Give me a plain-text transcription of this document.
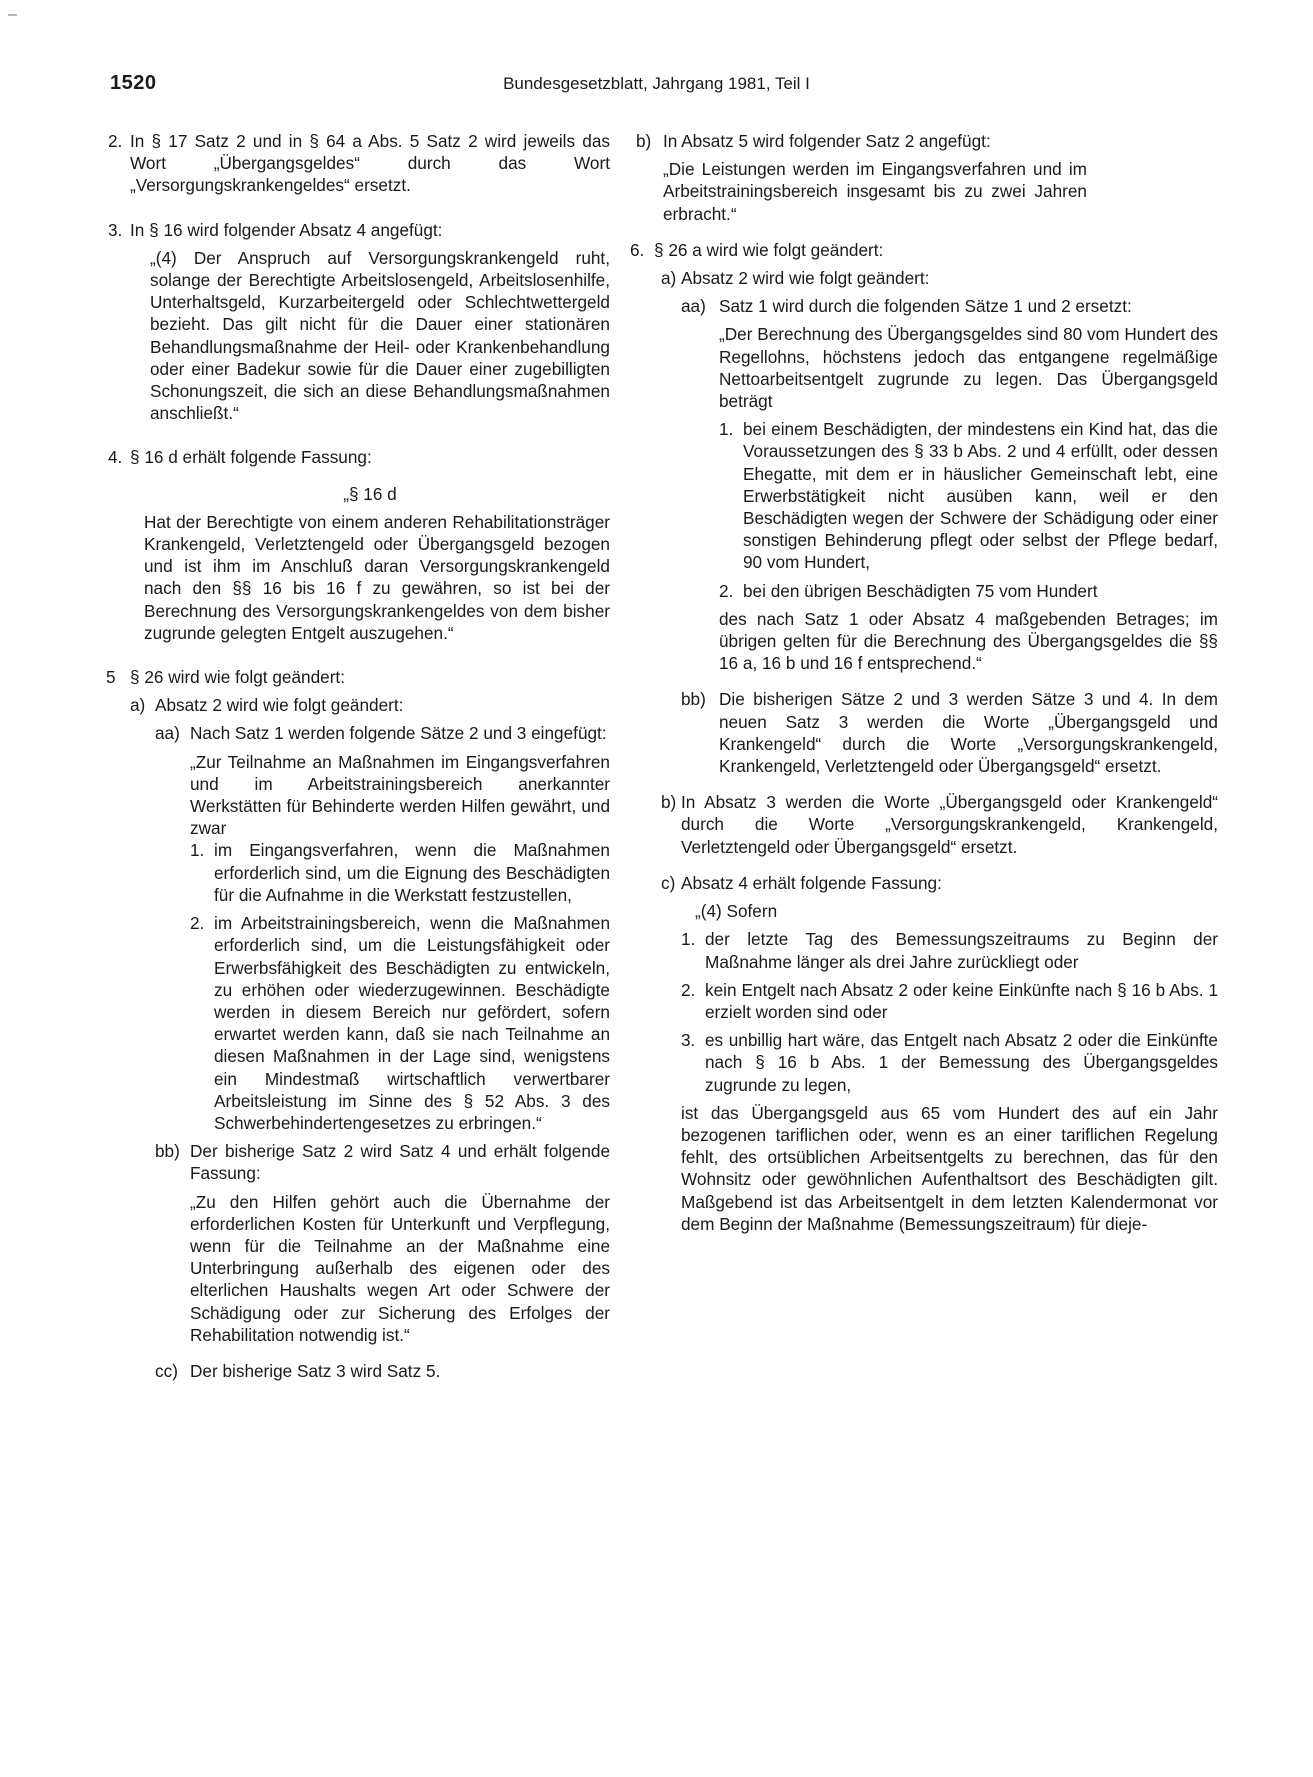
–
1520	Bundesgesetzblatt, Jahrgang 1981, Teil I
2. In § 17 Satz 2 und in § 64 a Abs. 5 Satz 2 wird jeweils das Wort „Übergangsgeldes“ durch das Wort „Versorgungskrankengeldes“ ersetzt.
3. In § 16 wird folgender Absatz 4 angefügt:
„(4) Der Anspruch auf Versorgungskrankengeld ruht, solange der Berechtigte Arbeitslosengeld, Arbeitslosenhilfe, Unterhaltsgeld, Kurzarbeitergeld oder Schlechtwettergeld bezieht. Das gilt nicht für die Dauer einer stationären Behandlungsmaßnahme der Heil- oder Krankenbehandlung oder einer Badekur sowie für die Dauer einer zugebilligten Schonungszeit, die sich an diese Behandlungsmaßnahmen anschließt.“
4. § 16 d erhält folgende Fassung:
„§ 16 d
Hat der Berechtigte von einem anderen Rehabilitationsträger Krankengeld, Verletztengeld oder Übergangsgeld bezogen und ist ihm im Anschluß daran Versorgungskrankengeld nach den §§ 16 bis 16 f zu gewähren, so ist bei der Berechnung des Versorgungskrankengeldes von dem bisher zugrunde gelegten Entgelt auszugehen.“
5 § 26 wird wie folgt geändert:
a) Absatz 2 wird wie folgt geändert:
aa) Nach Satz 1 werden folgende Sätze 2 und 3 eingefügt:
„Zur Teilnahme an Maßnahmen im Eingangsverfahren und im Arbeitstrainingsbereich anerkannter Werkstätten für Behinderte werden Hilfen gewährt, und zwar
1. im Eingangsverfahren, wenn die Maßnahmen erforderlich sind, um die Eignung des Beschädigten für die Aufnahme in die Werkstatt festzustellen,
2. im Arbeitstrainingsbereich, wenn die Maßnahmen erforderlich sind, um die Leistungsfähigkeit oder Erwerbsfähigkeit des Beschädigten zu entwickeln, zu erhöhen oder wiederzugewinnen. Beschädigte werden in diesem Bereich nur gefördert, sofern erwartet werden kann, daß sie nach Teilnahme an diesen Maßnahmen in der Lage sind, wenigstens ein Mindestmaß wirtschaftlich verwertbarer Arbeitsleistung im Sinne des § 52 Abs. 3 des Schwerbehindertengesetzes zu erbringen.“
bb) Der bisherige Satz 2 wird Satz 4 und erhält folgende Fassung:
„Zu den Hilfen gehört auch die Übernahme der erforderlichen Kosten für Unterkunft und Verpflegung, wenn für die Teilnahme an der Maßnahme eine Unterbringung außerhalb des eigenen oder des elterlichen Haushalts wegen Art oder Schwere der Schädigung oder zur Sicherung des Erfolges der Rehabilitation notwendig ist.“
cc) Der bisherige Satz 3 wird Satz 5.
b) In Absatz 5 wird folgender Satz 2 angefügt:
„Die Leistungen werden im Eingangsverfahren und im Arbeitstrainingsbereich insgesamt bis zu zwei Jahren erbracht.“
6. § 26 a wird wie folgt geändert:
a) Absatz 2 wird wie folgt geändert:
aa) Satz 1 wird durch die folgenden Sätze 1 und 2 ersetzt:
„Der Berechnung des Übergangsgeldes sind 80 vom Hundert des Regellohns, höchstens jedoch das entgangene regelmäßige Nettoarbeitsentgelt zugrunde zu legen. Das Übergangsgeld beträgt
1. bei einem Beschädigten, der mindestens ein Kind hat, das die Voraussetzungen des § 33 b Abs. 2 und 4 erfüllt, oder dessen Ehegatte, mit dem er in häuslicher Gemeinschaft lebt, eine Erwerbstätigkeit nicht ausüben kann, weil er den Beschädigten wegen der Schwere der Schädigung oder einer sonstigen Behinderung pflegt oder selbst der Pflege bedarf, 90 vom Hundert,
2. bei den übrigen Beschädigten 75 vom Hundert
des nach Satz 1 oder Absatz 4 maßgebenden Betrages; im übrigen gelten für die Berechnung des Übergangsgeldes die §§ 16 a, 16 b und 16 f entsprechend.“
bb) Die bisherigen Sätze 2 und 3 werden Sätze 3 und 4. In dem neuen Satz 3 werden die Worte „Übergangsgeld und Krankengeld“ durch die Worte „Versorgungskrankengeld, Krankengeld, Verletztengeld oder Übergangsgeld“ ersetzt.
b) In Absatz 3 werden die Worte „Übergangsgeld oder Krankengeld“ durch die Worte „Versorgungskrankengeld, Krankengeld, Verletztengeld oder Übergangsgeld“ ersetzt.
c) Absatz 4 erhält folgende Fassung:
„(4) Sofern
1. der letzte Tag des Bemessungszeitraums zu Beginn der Maßnahme länger als drei Jahre zurückliegt oder
2. kein Entgelt nach Absatz 2 oder keine Einkünfte nach § 16 b Abs. 1 erzielt worden sind oder
3. es unbillig hart wäre, das Entgelt nach Absatz 2 oder die Einkünfte nach § 16 b Abs. 1 der Bemessung des Übergangsgeldes zugrunde zu legen,
ist das Übergangsgeld aus 65 vom Hundert des auf ein Jahr bezogenen tariflichen oder, wenn es an einer tariflichen Regelung fehlt, des ortsüblichen Arbeitsentgelts zu berechnen, das für den Wohnsitz oder gewöhnlichen Aufenthaltsort des Beschädigten gilt. Maßgebend ist das Arbeitsentgelt in dem letzten Kalendermonat vor dem Beginn der Maßnahme (Bemessungszeitraum) für dieje-
